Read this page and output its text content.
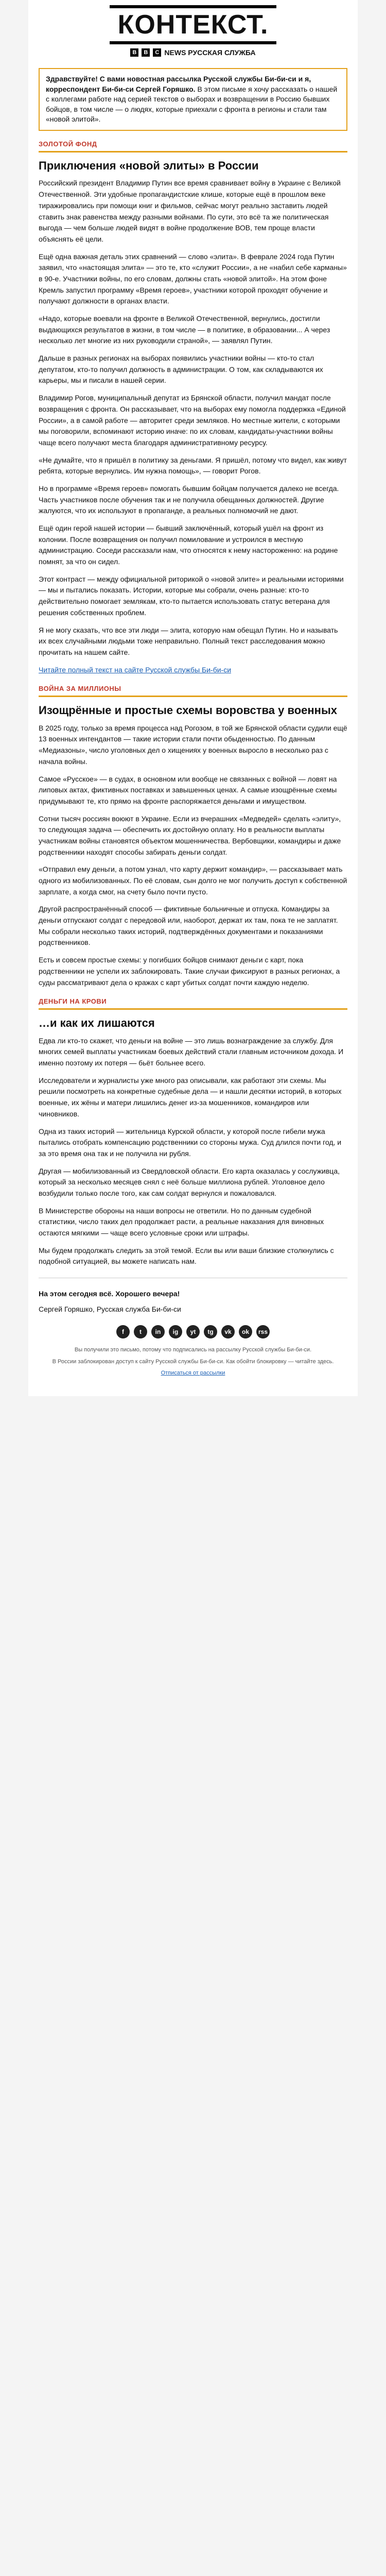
КОНТЕКСТ.
B	B	C NEWS РУССКАЯ СЛУЖБА
Здравствуйте! С вами новостная рассылка Русской службы Би-би-си и я, корреспондент Би-би-си Сергей Горяшко. В этом письме я хочу рассказать о нашей с коллегами работе над серией текстов о выборах и возвращении в Россию бывших бойцов, в том числе — о людях, которые приехали с фронта в регионы и стали там «новой элитой».
ЗОЛОТОЙ ФОНД
Приключения «новой элиты» в России

Российский президент Владимир Путин все время сравнивает войну в Украине с Великой Отечественной. Эти удобные пропагандистские клише, которые ещё в прошлом веке тиражировались при помощи книг и фильмов, сейчас могут реально заставить людей ставить знак равенства между разными войнами. По сути, это всё та же политическая выгода — чем больше людей видят в войне продолжение ВОВ, тем проще власти объяснять её цели.

Ещё одна важная деталь этих сравнений — слово «элита». В феврале 2024 года Путин заявил, что «настоящая элита» — это те, кто «служит России», а не «набил себе карманы» в 90-е. Участники войны, по его словам, должны стать «новой элитой». На этом фоне Кремль запустил программу «Время героев», участники которой проходят обучение и получают должности в органах власти.

«Надо, которые воевали на фронте в Великой Отечественной, вернулись, достигли выдающихся результатов в жизни, в том числе — в политике, в образовании... А через несколько лет многие из них руководили страной», — заявлял Путин.

Дальше в разных регионах на выборах появились участники войны — кто-то стал депутатом, кто-то получил должность в администрации. О том, как складываются их карьеры, мы и писали в нашей серии.

Владимир Рогов, муниципальный депутат из Брянской области, получил мандат после возвращения с фронта. Он рассказывает, что на выборах ему помогла поддержка «Единой России», а в самой работе — авторитет среди земляков. Но местные жители, с которыми мы поговорили, вспоминают историю иначе: по их словам, кандидаты-участники войны чаще всего получают места благодаря административному ресурсу.

«Не думайте, что я пришёл в политику за деньгами. Я пришёл, потому что видел, как живут ребята, которые вернулись. Им нужна помощь», — говорит Рогов.

Но в программе «Время героев» помогать бывшим бойцам получается далеко не всегда. Часть участников после обучения так и не получила обещанных должностей. Другие жалуются, что их используют в пропаганде, а реальных полномочий не дают.

Ещё один герой нашей истории — бывший заключённый, который ушёл на фронт из колонии. После возвращения он получил помилование и устроился в местную администрацию. Соседи рассказали нам, что относятся к нему настороженно: на родине помнят, за что он сидел.

Этот контраст — между официальной риторикой о «новой элите» и реальными историями — мы и пытались показать. Истории, которые мы собрали, очень разные: кто-то действительно помогает землякам, кто-то пытается использовать статус ветерана для решения собственных проблем.

Я не могу сказать, что все эти люди — элита, которую нам обещал Путин. Но и называть их всех случайными людьми тоже неправильно. Полный текст расследования можно прочитать на нашем сайте.

Читайте полный текст на сайте Русской службы Би-би-си

ВОЙНА ЗА МИЛЛИОНЫ
Изощрённые и простые схемы воровства у военных

В 2025 году, только за время процесса над Рогозом, в той же Брянской области судили ещё 13 военных интендантов — такие истории стали почти обыденностью. По данным «Медиазоны», число уголовных дел о хищениях у военных выросло в несколько раз с начала войны.

Самое «Русское» — в судах, в основном или вообще не связанных с войной — ловят на липовых актах, фиктивных поставках и завышенных ценах. А самые изощрённые схемы придумывают те, кто прямо на фронте распоряжается деньгами и имуществом.

Сотни тысяч россиян воюют в Украине. Если из вчерашних «Медведей» сделать «элиту», то следующая задача — обеспечить их достойную оплату. Но в реальности выплаты участникам войны становятся объектом мошенничества. Вербовщики, командиры и даже родственники находят способы забирать деньги солдат.

«Отправил ему деньги, а потом узнал, что карту держит командир», — рассказывает мать одного из мобилизованных. По её словам, сын долго не мог получить доступ к собственной зарплате, а когда смог, на счету было почти пусто.

Другой распространённый способ — фиктивные больничные и отпуска. Командиры за деньги отпускают солдат с передовой или, наоборот, держат их там, пока те не заплатят. Мы собрали несколько таких историй, подтверждённых документами и показаниями родственников.

Есть и совсем простые схемы: у погибших бойцов снимают деньги с карт, пока родственники не успели их заблокировать. Такие случаи фиксируют в разных регионах, а суды рассматривают дела о кражах с карт убитых солдат почти каждую неделю.

ДЕНЬГИ НА КРОВИ
…и как их лишаются

Едва ли кто-то скажет, что деньги на войне — это лишь вознаграждение за службу. Для многих семей выплаты участникам боевых действий стали главным источником дохода. И именно поэтому их потеря — бьёт больнее всего.

Исследователи и журналисты уже много раз описывали, как работают эти схемы. Мы решили посмотреть на конкретные судебные дела — и нашли десятки историй, в которых военные, их жёны и матери лишились денег из-за мошенников, командиров или чиновников.

Одна из таких историй — жительница Курской области, у которой после гибели мужа пытались отобрать компенсацию родственники со стороны мужа. Суд длился почти год, и за это время она так и не получила ни рубля.

Другая — мобилизованный из Свердловской области. Его карта оказалась у сослуживца, который за несколько месяцев снял с неё больше миллиона рублей. Уголовное дело возбудили только после того, как сам солдат вернулся и пожаловался.

В Министерстве обороны на наши вопросы не ответили. Но по данным судебной статистики, число таких дел продолжает расти, а реальные наказания для виновных остаются мягкими — чаще всего условные сроки или штрафы.

Мы будем продолжать следить за этой темой. Если вы или ваши близкие столкнулись с подобной ситуацией, вы можете написать нам.

На этом сегодня всё. Хорошего вечера!
Сергей Горяшко, Русская служба Би-би-си
f	t	in	ig	yt	tg	vk	ok	rss

Вы получили это письмо, потому что подписались на рассылку Русской службы Би-би-си.

В России заблокирован доступ к сайту Русской службы Би-би-си. Как обойти блокировку — читайте здесь.

Отписаться от рассылки
